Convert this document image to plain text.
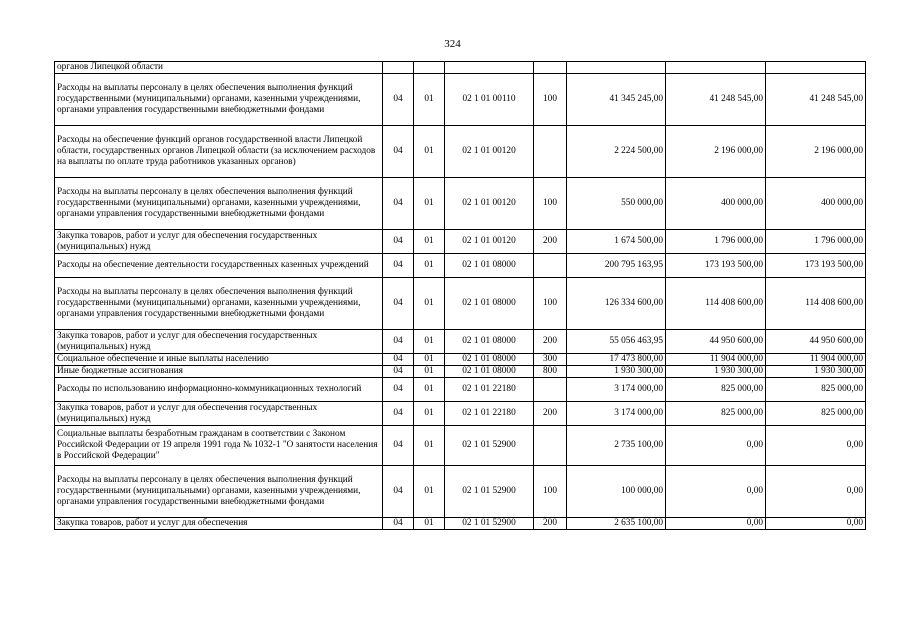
324
органов Липецкой области							
Расходы на выплаты персоналу в целях обеспечения выполнения функций государственными (муниципальными) органами, казенными учреждениями, органами управления государственными внебюджетными фондами	04	01	02 1 01 00110	100	41 345 245,00	41 248 545,00	41 248 545,00
Расходы на обеспечение функций органов государственной власти Липецкой области, государственных органов Липецкой области (за исключением расходов на выплаты по оплате труда работников указанных органов)	04	01	02 1 01 00120		2 224 500,00	2 196 000,00	2 196 000,00
Расходы на выплаты персоналу в целях обеспечения выполнения функций государственными (муниципальными) органами, казенными учреждениями, органами управления государственными внебюджетными фондами	04	01	02 1 01 00120	100	550 000,00	400 000,00	400 000,00
Закупка товаров, работ и услуг для обеспечения государственных (муниципальных) нужд	04	01	02 1 01 00120	200	1 674 500,00	1 796 000,00	1 796 000,00
Расходы на обеспечение деятельности государственных казенных учреждений	04	01	02 1 01 08000		200 795 163,95	173 193 500,00	173 193 500,00
Расходы на выплаты персоналу в целях обеспечения выполнения функций государственными (муниципальными) органами, казенными учреждениями, органами управления государственными внебюджетными фондами	04	01	02 1 01 08000	100	126 334 600,00	114 408 600,00	114 408 600,00
Закупка товаров, работ и услуг для обеспечения государственных (муниципальных) нужд	04	01	02 1 01 08000	200	55 056 463,95	44 950 600,00	44 950 600,00
Социальное обеспечение и иные выплаты населению	04	01	02 1 01 08000	300	17 473 800,00	11 904 000,00	11 904 000,00
Иные бюджетные ассигнования	04	01	02 1 01 08000	800	1 930 300,00	1 930 300,00	1 930 300,00
Расходы по использованию информационно-коммуникационных технологий	04	01	02 1 01 22180		3 174 000,00	825 000,00	825 000,00
Закупка товаров, работ и услуг для обеспечения государственных (муниципальных) нужд	04	01	02 1 01 22180	200	3 174 000,00	825 000,00	825 000,00
Социальные выплаты безработным гражданам в соответствии с Законом Российской Федерации от 19 апреля 1991 года № 1032-1 "О занятости населения в Российской Федерации"	04	01	02 1 01 52900		2 735 100,00	0,00	0,00
Расходы на выплаты персоналу в целях обеспечения выполнения функций государственными (муниципальными) органами, казенными учреждениями, органами управления государственными внебюджетными фондами	04	01	02 1 01 52900	100	100 000,00	0,00	0,00
Закупка товаров, работ и услуг для обеспечения	04	01	02 1 01 52900	200	2 635 100,00	0,00	0,00
